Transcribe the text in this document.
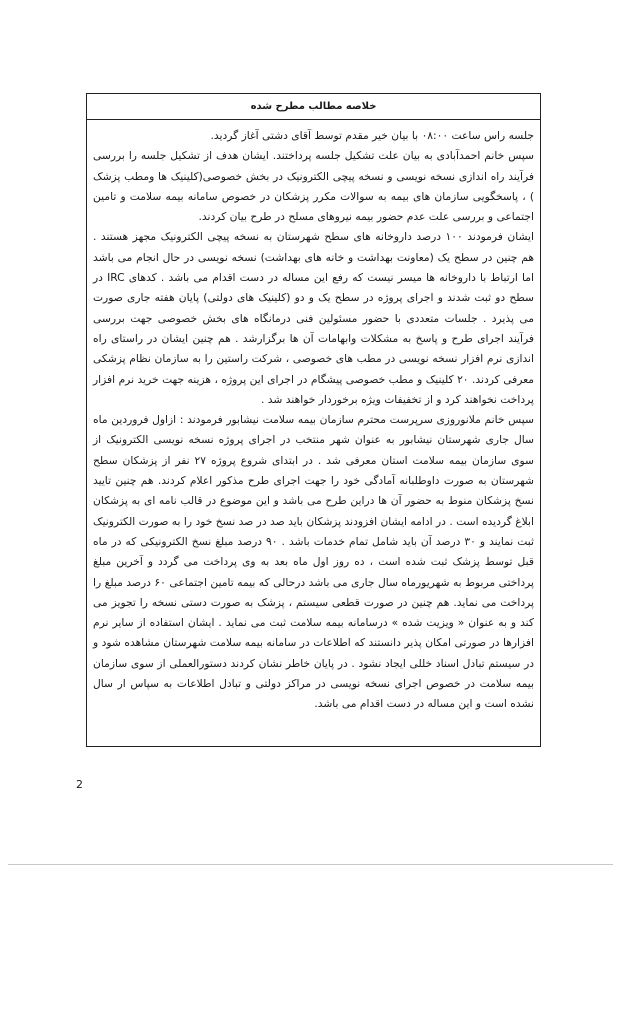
خلاصه مطالب مطرح شده

جلسه راس ساعت ۰۸:۰۰ با بیان خیر مقدم توسط آقای دشتی آغاز گردید.

سپس خانم احمدآبادی به بیان علت تشکیل جلسه پرداختند. ایشان هدف از تشکیل جلسه را بررسی فرآیند راه اندازی نسخه نویسی و نسخه پیچی الکترونیک در بخش خصوصی(کلینیک ها ومطب پزشک ) ، پاسخگویی سازمان های بیمه به سوالات مکرر پزشکان در خصوص سامانه بیمه سلامت و تامین اجتماعی و بررسی علت عدم حضور بیمه نیروهای مسلح در طرح بیان کردند.

ایشان فرمودند ۱۰۰ درصد داروخانه های سطح شهرستان به نسخه پیچی الکترونیک مجهز هستند . هم چنین در سطح یک (معاونت بهداشت و خانه های بهداشت) نسخه نویسی در حال انجام می باشد اما ارتباط با داروخانه ها میسر نیست که رفع این مساله در دست اقدام می باشد . کدهای IRC در سطح دو ثبت شدند و اجرای پروژه در سطح یک و دو (کلینیک های دولتی) پایان هفته جاری صورت می پذیرد . جلسات متعددی با حضور مسئولین فنی درمانگاه های بخش خصوصی جهت بررسی فرآیند اجرای طرح و پاسخ به مشکلات وابهامات آن ها برگزارشد . هم چنین ایشان در راستای راه اندازی نرم افزار نسخه نویسی در مطب های خصوصی ، شرکت راستین را به سازمان نظام پزشکی معرفی کردند. ۲۰ کلینیک و مطب خصوصی پیشگام در اجرای این پروژه ، هزینه جهت خرید نرم افزار پرداخت نخواهند کرد و از تخفیفات ویژه برخوردار خواهند شد .

سپس خانم ملانوروزی سرپرست محترم سازمان بیمه سلامت نیشابور فرمودند : ازاول فروردین ماه سال جاری شهرستان نیشابور به عنوان شهر منتخب در اجرای پروژه نسخه نویسی الکترونیک از سوی سازمان بیمه سلامت استان معرفی شد . در ابتدای شروع پروژه ۲۷ نفر از پزشکان سطح شهرستان به صورت داوطلبانه آمادگی خود را جهت اجرای طرح مذکور اعلام کردند. هم چنین تایید نسخ پزشکان منوط به حضور آن ها دراین طرح می باشد و این موضوع در قالب نامه ای به پزشکان ابلاغ گردیده است . در ادامه ایشان افزودند پزشکان باید صد در صد نسخ خود را به صورت الکترونیک ثبت نمایند و ۳۰ درصد آن باید شامل تمام خدمات باشد . ۹۰ درصد مبلغ نسخ الکترونیکی که در ماه قبل توسط پزشک ثبت شده است ، ده روز اول ماه بعد به وی پرداخت می گردد و آخرین مبلغ پرداختی مربوط به شهریورماه سال جاری می باشد درحالی که بیمه تامین اجتماعی ۶۰ درصد مبلغ را پرداخت می نماید. هم چنین در صورت قطعی سیستم ، پزشک به صورت دستی نسخه را تجویز می کند و به عنوان « ویزیت شده » درسامانه بیمه سلامت ثبت می نماید . ایشان استفاده از سایر نرم افزارها در صورتی امکان پذیر دانستند که اطلاعات در سامانه بیمه سلامت شهرستان مشاهده شود و در سیستم تبادل اسناد خللی ایجاد نشود . در پایان خاطر نشان کردند دستورالعملی از سوی سازمان بیمه سلامت در خصوص اجرای نسخه نویسی در مراکز دولتی و تبادل اطلاعات به سپاس ار سال نشده است و این مساله در دست اقدام می باشد.

2
